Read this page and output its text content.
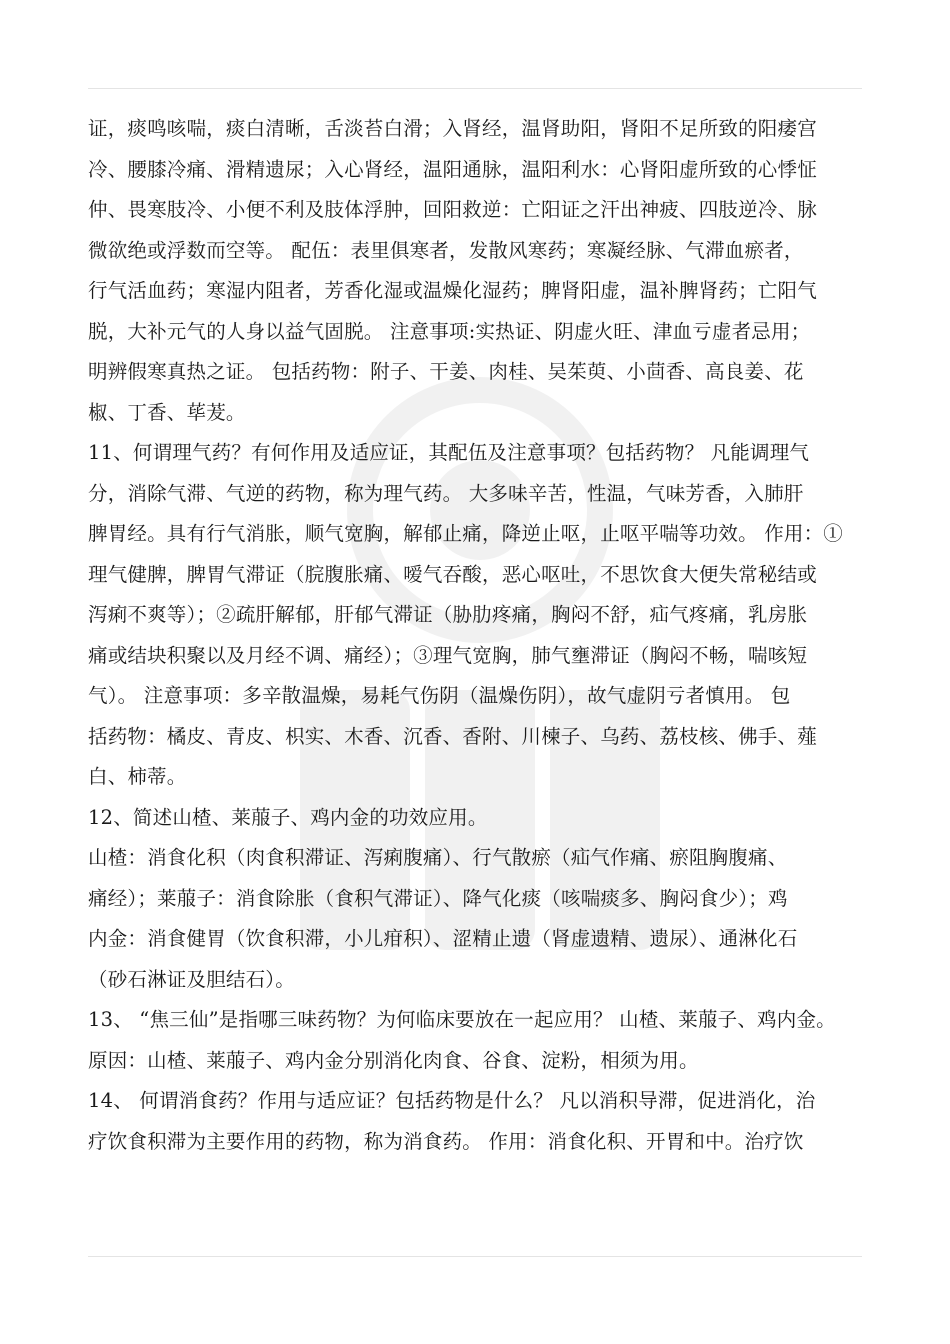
证，痰鸣咳喘，痰白清晰，舌淡苔白滑；入肾经，温肾助阳，肾阳不足所致的阳痿宫
冷、腰膝冷痛、滑精遗尿；入心肾经，温阳通脉，温阳利水：心肾阳虚所致的心悸怔
仲、畏寒肢冷、小便不利及肢体浮肿，回阳救逆：亡阳证之汗出神疲、四肢逆冷、脉
微欲绝或浮数而空等。 配伍：表里俱寒者，发散风寒药；寒凝经脉、气滞血瘀者，
行气活血药；寒湿内阻者，芳香化湿或温燥化湿药；脾肾阳虚，温补脾肾药；亡阳气
脱，大补元气的人身以益气固脱。 注意事项:实热证、阴虚火旺、津血亏虚者忌用；
明辨假寒真热之证。 包括药物：附子、干姜、肉桂、吴茱萸、小茴香、高良姜、花
椒、丁香、荜茇。
11、何谓理气药？有何作用及适应证，其配伍及注意事项？包括药物？ 凡能调理气
分，消除气滞、气逆的药物，称为理气药。 大多味辛苦，性温，气味芳香，入肺肝
脾胃经。具有行气消胀，顺气宽胸，解郁止痛，降逆止呕，止呕平喘等功效。 作用：①
理气健脾，脾胃气滞证（脘腹胀痛、嗳气吞酸，恶心呕吐，不思饮食大便失常秘结或
泻痢不爽等）；②疏肝解郁，肝郁气滞证（胁肋疼痛，胸闷不舒，疝气疼痛，乳房胀
痛或结块积聚以及月经不调、痛经）；③理气宽胸，肺气壅滞证（胸闷不畅，喘咳短
气）。 注意事项：多辛散温燥，易耗气伤阴（温燥伤阴），故气虚阴亏者慎用。 包
括药物：橘皮、青皮、枳实、木香、沉香、香附、川楝子、乌药、荔枝核、佛手、薤
白、柿蒂。
12、简述山楂、莱菔子、鸡内金的功效应用。
山楂：消食化积（肉食积滞证、泻痢腹痛）、行气散瘀（疝气作痛、瘀阻胸腹痛、
痛经）；莱菔子：消食除胀（食积气滞证）、降气化痰（咳喘痰多、胸闷食少）；鸡
内金：消食健胃（饮食积滞，小儿疳积）、涩精止遗（肾虚遗精、遗尿）、通淋化石
（砂石淋证及胆结石）。
13、 “焦三仙”是指哪三味药物？为何临床要放在一起应用？ 山楂、莱菔子、鸡内金。
原因：山楂、莱菔子、鸡内金分别消化肉食、谷食、淀粉，相须为用。
14、 何谓消食药？作用与适应证？包括药物是什么？ 凡以消积导滞，促进消化，治
疗饮食积滞为主要作用的药物，称为消食药。 作用：消食化积、开胃和中。治疗饮
